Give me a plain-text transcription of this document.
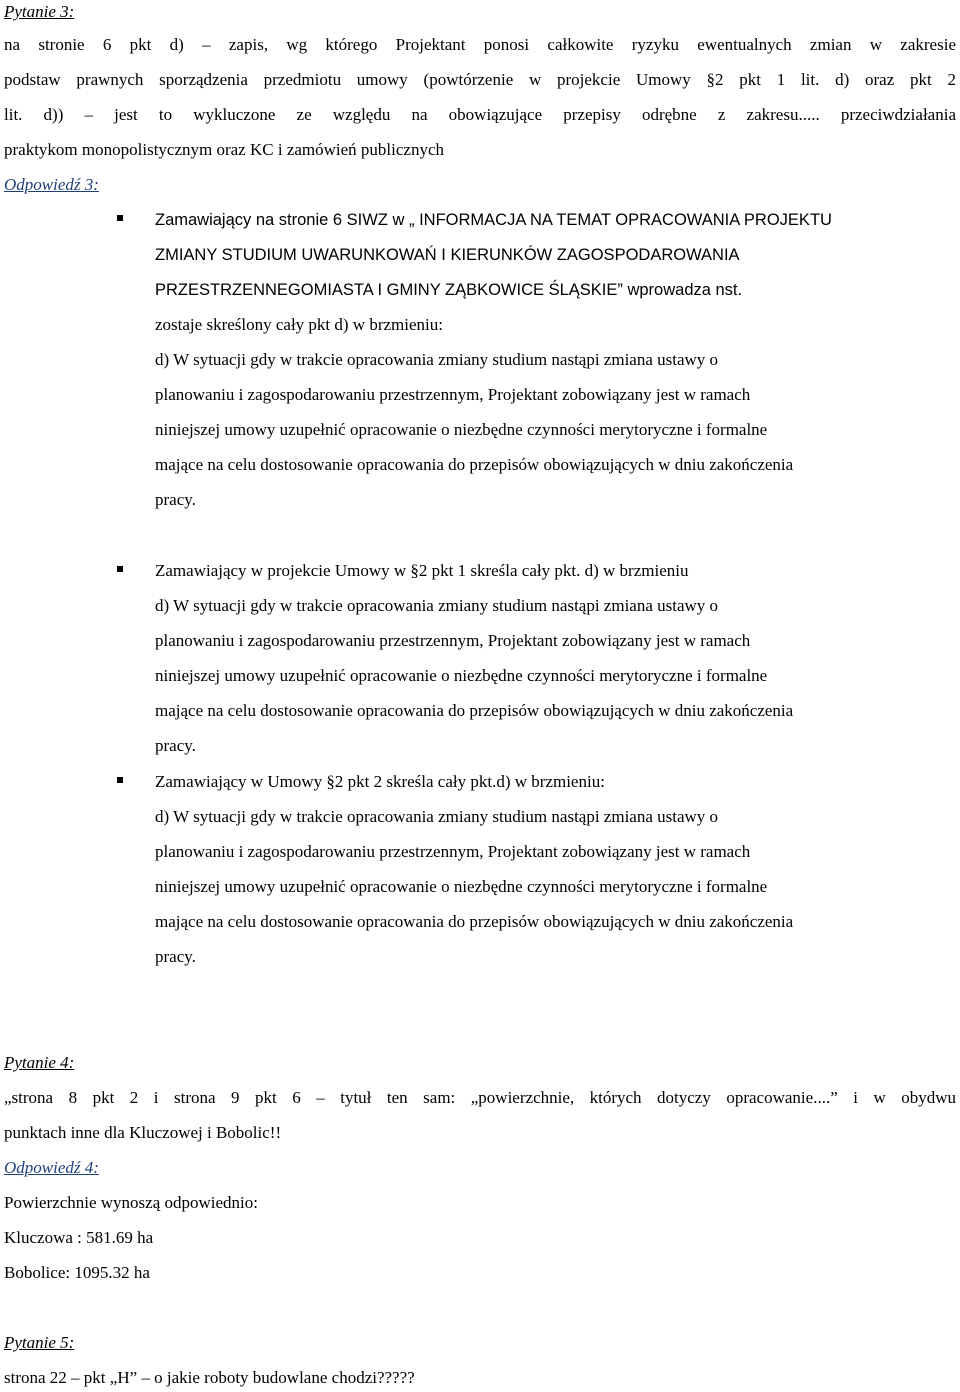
Pytanie 3:
na stronie 6 pkt d) – zapis, wg którego Projektant ponosi całkowite ryzyku ewentualnych zmian w zakresie
podstaw prawnych sporządzenia przedmiotu umowy (powtórzenie w projekcie Umowy §2 pkt 1 lit. d) oraz pkt 2
lit. d)) – jest to wykluczone ze względu na obowiązujące przepisy odrębne z zakresu..... przeciwdziałania
praktykom monopolistycznym oraz KC i zamówień publicznych
Odpowiedź 3:
Zamawiający na stronie 6 SIWZ w „ INFORMACJA NA TEMAT OPRACOWANIA PROJEKTU
ZMIANY STUDIUM UWARUNKOWAŃ I KIERUNKÓW ZAGOSPODAROWANIA
PRZESTRZENNEGOMIASTA I GMINY ZĄBKOWICE ŚLĄSKIE” wprowadza nst.
zostaje skreślony cały pkt d) w brzmieniu:
d) W sytuacji gdy w trakcie opracowania zmiany studium nastąpi zmiana ustawy o
planowaniu i zagospodarowaniu przestrzennym, Projektant zobowiązany jest w ramach
niniejszej umowy uzupełnić opracowanie o niezbędne czynności merytoryczne i formalne
mające na celu dostosowanie opracowania do przepisów obowiązujących w dniu zakończenia
pracy.
Zamawiający w projekcie Umowy w §2 pkt 1 skreśla cały pkt. d) w brzmieniu
d) W sytuacji gdy w trakcie opracowania zmiany studium nastąpi zmiana ustawy o
planowaniu i zagospodarowaniu przestrzennym, Projektant zobowiązany jest w ramach
niniejszej umowy uzupełnić opracowanie o niezbędne czynności merytoryczne i formalne
mające na celu dostosowanie opracowania do przepisów obowiązujących w dniu zakończenia
pracy.
Zamawiający w Umowy §2 pkt 2 skreśla cały pkt.d) w brzmieniu:
d) W sytuacji gdy w trakcie opracowania zmiany studium nastąpi zmiana ustawy o
planowaniu i zagospodarowaniu przestrzennym, Projektant zobowiązany jest w ramach
niniejszej umowy uzupełnić opracowanie o niezbędne czynności merytoryczne i formalne
mające na celu dostosowanie opracowania do przepisów obowiązujących w dniu zakończenia
pracy.
Pytanie 4:
„strona 8 pkt 2 i strona 9 pkt 6 – tytuł ten sam: „powierzchnie, których dotyczy opracowanie....” i w obydwu
punktach inne dla Kluczowej i Bobolic!!
Odpowiedź 4:
Powierzchnie wynoszą odpowiednio:
Kluczowa : 581.69 ha
Bobolice: 1095.32 ha
Pytanie 5:
strona 22 – pkt „H” – o jakie roboty budowlane chodzi?????
